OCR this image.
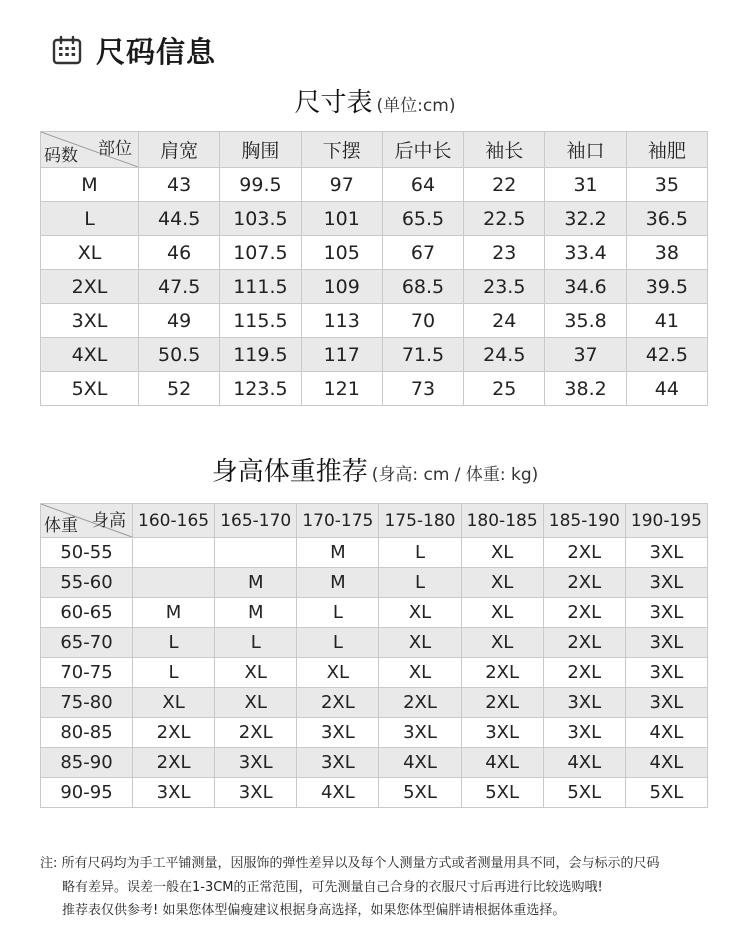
尺码信息
尺寸表 (单位:cm)
部位
码数	肩宽	胸围	下摆	后中长	袖长	袖口	袖肥
M	43	99.5	97	64	22	31	35
L	44.5	103.5	101	65.5	22.5	32.2	36.5
XL	46	107.5	105	67	23	33.4	38
2XL	47.5	111.5	109	68.5	23.5	34.6	39.5
3XL	49	115.5	113	70	24	35.8	41
4XL	50.5	119.5	117	71.5	24.5	37	42.5
5XL	52	123.5	121	73	25	38.2	44
身高体重推荐 (身高: cm / 体重: kg)
身高
体重	160-165	165-170	170-175	175-180	180-185	185-190	190-195
50-55			M	L	XL	2XL	3XL
55-60		M	M	L	XL	2XL	3XL
60-65	M	M	L	XL	XL	2XL	3XL
65-70	L	L	L	XL	XL	2XL	3XL
70-75	L	XL	XL	XL	2XL	2XL	3XL
75-80	XL	XL	2XL	2XL	2XL	3XL	3XL
80-85	2XL	2XL	3XL	3XL	3XL	3XL	4XL
85-90	2XL	3XL	3XL	4XL	4XL	4XL	4XL
90-95	3XL	3XL	4XL	5XL	5XL	5XL	5XL
注: 所有尺码均为手工平铺测量，因服饰的弹性差异以及每个人测量方式或者测量用具不同，会与标示的尺码
略有差异。误差一般在1-3CM的正常范围，可先测量自己合身的衣服尺寸后再进行比较选购哦!
推荐表仅供参考! 如果您体型偏瘦建议根据身高选择，如果您体型偏胖请根据体重选择。
